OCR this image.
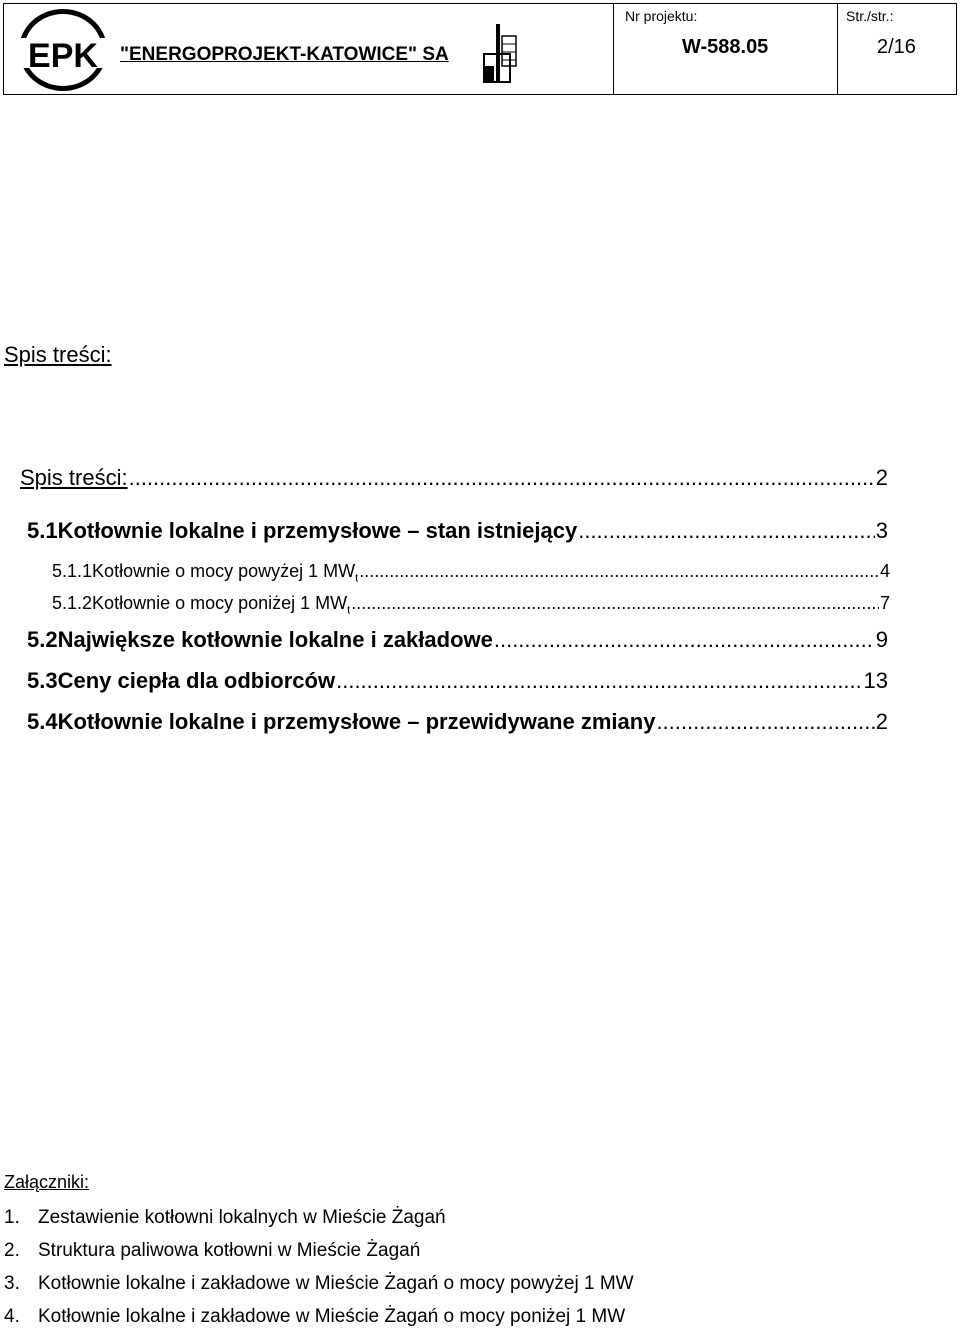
EPK "ENERGOPROJEKT-KATOWICE" SA
Nr projektu:
W-588.05
Str./str.:
2/16
Spis treści:
Spis treści: .....	2
5.1 Kotłownie lokalne i przemysłowe – stan istniejący .....	3
5.1.1 Kotłownie o mocy powyżej 1 $MW_t$ .....	4
5.1.2 Kotłownie o mocy poniżej 1 $MW_t$ .....	7
5.2 Największe kotłownie lokalne i zakładowe .....	9
5.3 Ceny ciepła dla odbiorców .....	13
5.4 Kotłownie lokalne i przemysłowe – przewidywane zmiany .....	2
Załączniki:
1. Zestawienie kotłowni lokalnych w Mieście Żagań
2. Struktura paliwowa kotłowni w Mieście Żagań
3. Kotłownie lokalne i zakładowe w Mieście Żagań o mocy powyżej 1 MW
4. Kotłownie lokalne i zakładowe w Mieście Żagań o mocy poniżej 1 MW
